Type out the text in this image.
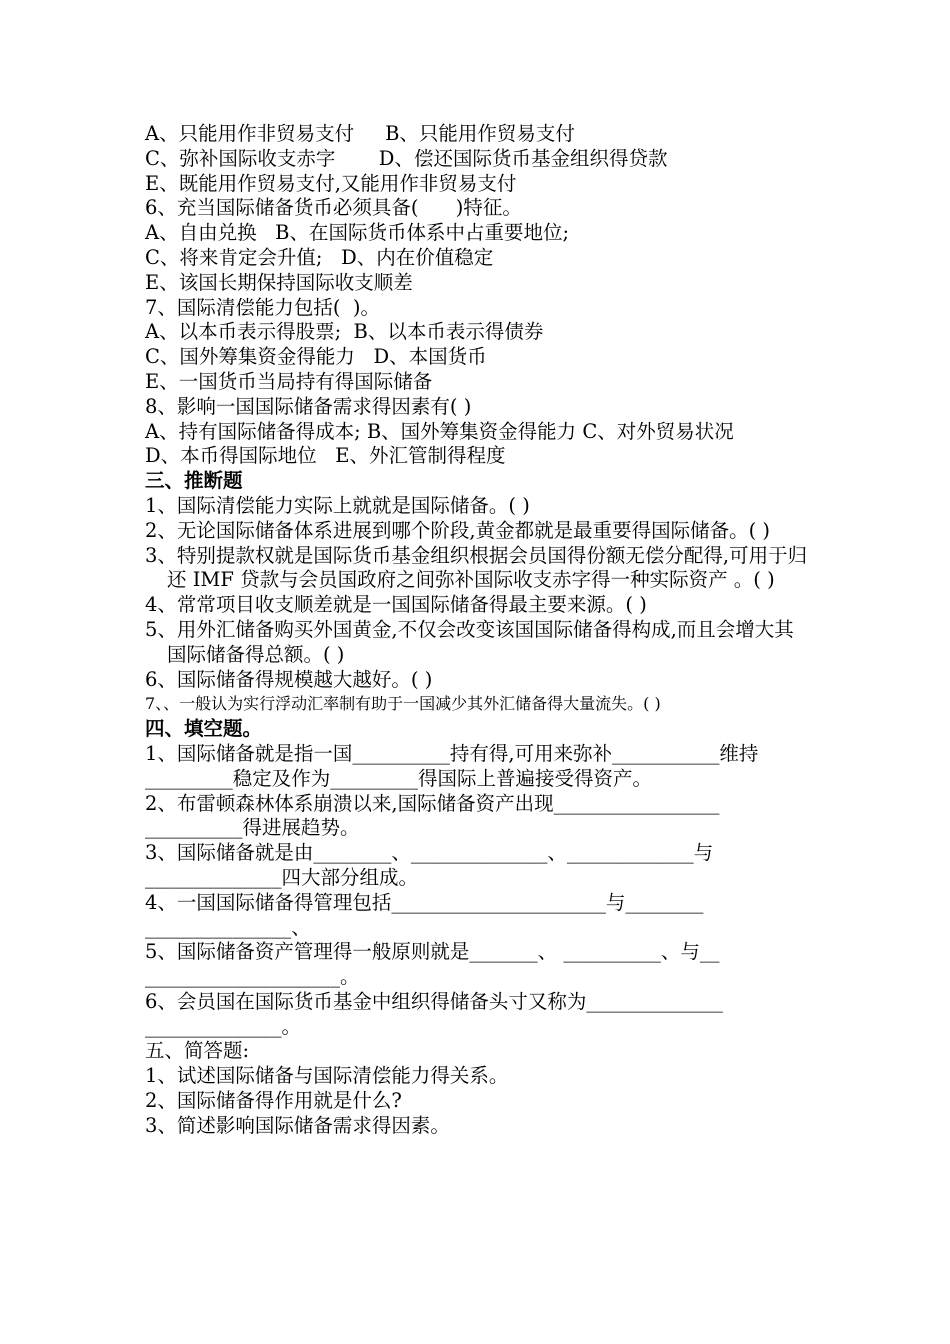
A、只能用作非贸易支付     B、只能用作贸易支付
C、弥补国际收支赤字       D、偿还国际货币基金组织得贷款
E、既能用作贸易支付,又能用作非贸易支付
6、充当国际储备货币必须具备(      )特征。
A、自由兑换   B、在国际货币体系中占重要地位;
C、将来肯定会升值;   D、内在价值稳定
E、该国长期保持国际收支顺差
7、国际清偿能力包括(  )。
A、以本币表示得股票;  B、以本币表示得债券
C、国外筹集资金得能力   D、本国货币
E、一国货币当局持有得国际储备
8、影响一国国际储备需求得因素有( )
A、持有国际储备得成本; B、国外筹集资金得能力 C、对外贸易状况
D、本币得国际地位   E、外汇管制得程度
三、推断题
1、国际清偿能力实际上就就是国际储备。( )
2、无论国际储备体系进展到哪个阶段,黄金都就是最重要得国际储备。( )
3、特别提款权就是国际货币基金组织根据会员国得份额无偿分配得,可用于归还 IMF 贷款与会员国政府之间弥补国际收支赤字得一种实际资产 。( )
4、常常项目收支顺差就是一国国际储备得最主要来源。( )
5、用外汇储备购买外国黄金,不仅会改变该国国际储备得构成,而且会增大其国际储备得总额。( )
6、国际储备得规模越大越好。( )
7、、一般认为实行浮动汇率制有助于一国减少其外汇储备得大量流失。( )
四、填空题。
1、国际储备就是指一国__________持有得,可用来弥补___________维持_________稳定及作为_________得国际上普遍接受得资产。
2、布雷顿森林体系崩溃以来,国际储备资产出现_________________ __________得进展趋势。
3、国际储备就是由________、______________、_____________与______________四大部分组成。
4、一国国际储备得管理包括______________________与________ _______________、
5、国际储备资产管理得一般原则就是_______、 __________、与__ ____________________。
6、会员国在国际货币基金中组织得储备头寸又称为______________ ______________。
五、简答题:
1、试述国际储备与国际清偿能力得关系。
2、国际储备得作用就是什么?
3、简述影响国际储备需求得因素。
